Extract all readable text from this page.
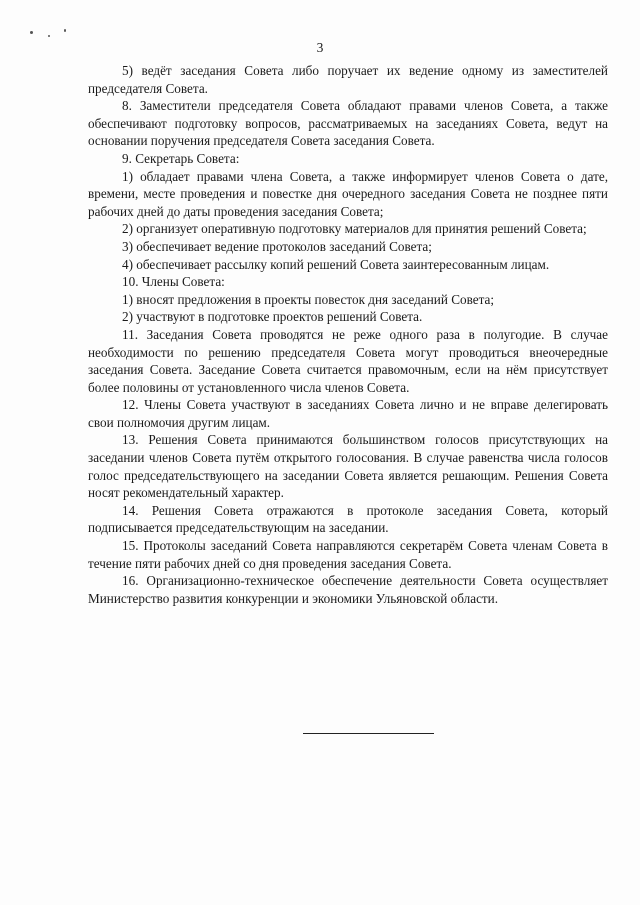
3

5) ведёт заседания Совета либо поручает их ведение одному из заместителей председателя Совета.

8. Заместители председателя Совета обладают правами членов Совета, а также обеспечивают подготовку вопросов, рассматриваемых на заседаниях Совета, ведут на основании поручения председателя Совета заседания Совета.

9. Секретарь Совета:

1) обладает правами члена Совета, а также информирует членов Совета о дате, времени, месте проведения и повестке дня очередного заседания Совета не позднее пяти рабочих дней до даты проведения заседания Совета;

2) организует оперативную подготовку материалов для принятия решений Совета;

3) обеспечивает ведение протоколов заседаний Совета;

4) обеспечивает рассылку копий решений Совета заинтересованным лицам.

10. Члены Совета:

1) вносят предложения в проекты повесток дня заседаний Совета;

2) участвуют в подготовке проектов решений Совета.

11. Заседания Совета проводятся не реже одного раза в полугодие. В случае необходимости по решению председателя Совета могут проводиться внеочередные заседания Совета. Заседание Совета считается правомочным, если на нём присутствует более половины от установленного числа членов Совета.

12. Члены Совета участвуют в заседаниях Совета лично и не вправе делегировать свои полномочия другим лицам.

13. Решения Совета принимаются большинством голосов присутствующих на заседании членов Совета путём открытого голосования. В случае равенства числа голосов голос председательствующего на заседании Совета является решающим. Решения Совета носят рекомендательный характер.

14. Решения Совета отражаются в протоколе заседания Совета, который подписывается председательствующим на заседании.

15. Протоколы заседаний Совета направляются секретарём Совета членам Совета в течение пяти рабочих дней со дня проведения заседания Совета.

16. Организационно-техническое обеспечение деятельности Совета осуществляет Министерство развития конкуренции и экономики Ульяновской области.
